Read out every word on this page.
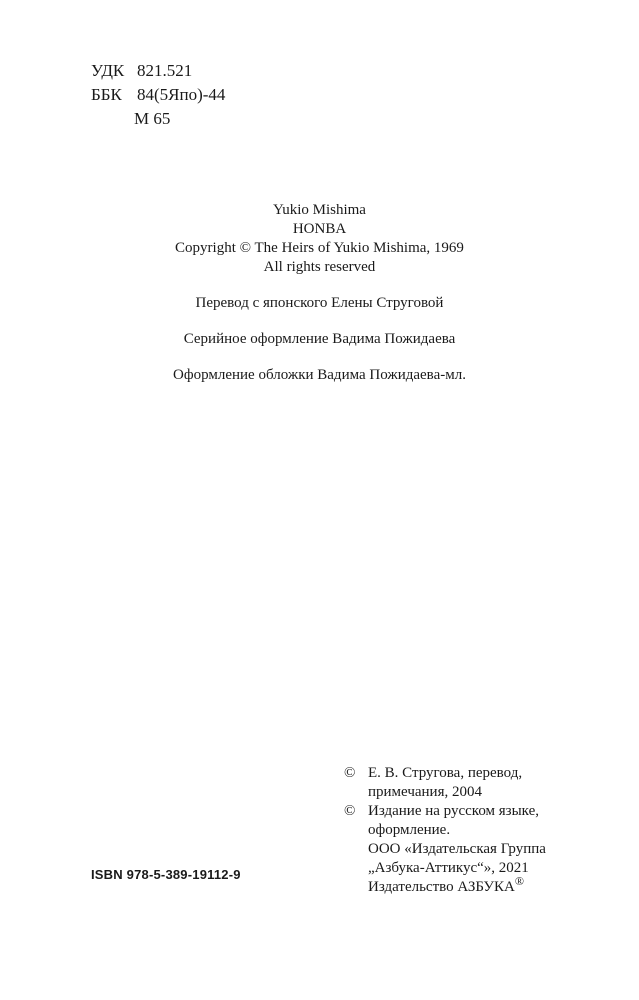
УДК 821.521
ББК 84(5Япо)-44
М 65
Yukio Mishima
HONBA
Copyright © The Heirs of Yukio Mishima, 1969
All rights reserved
Перевод с японского Елены Струговой
Серийное оформление Вадима Пожидаева
Оформление обложки Вадима Пожидаева-мл.
© Е. В. Стругова, перевод,
примечания, 2004
© Издание на русском языке,
оформление.
ООО «Издательская Группа
„Азбука-Аттикус“», 2021
Издательство АЗБУКА®
ISBN 978-5-389-19112-9
